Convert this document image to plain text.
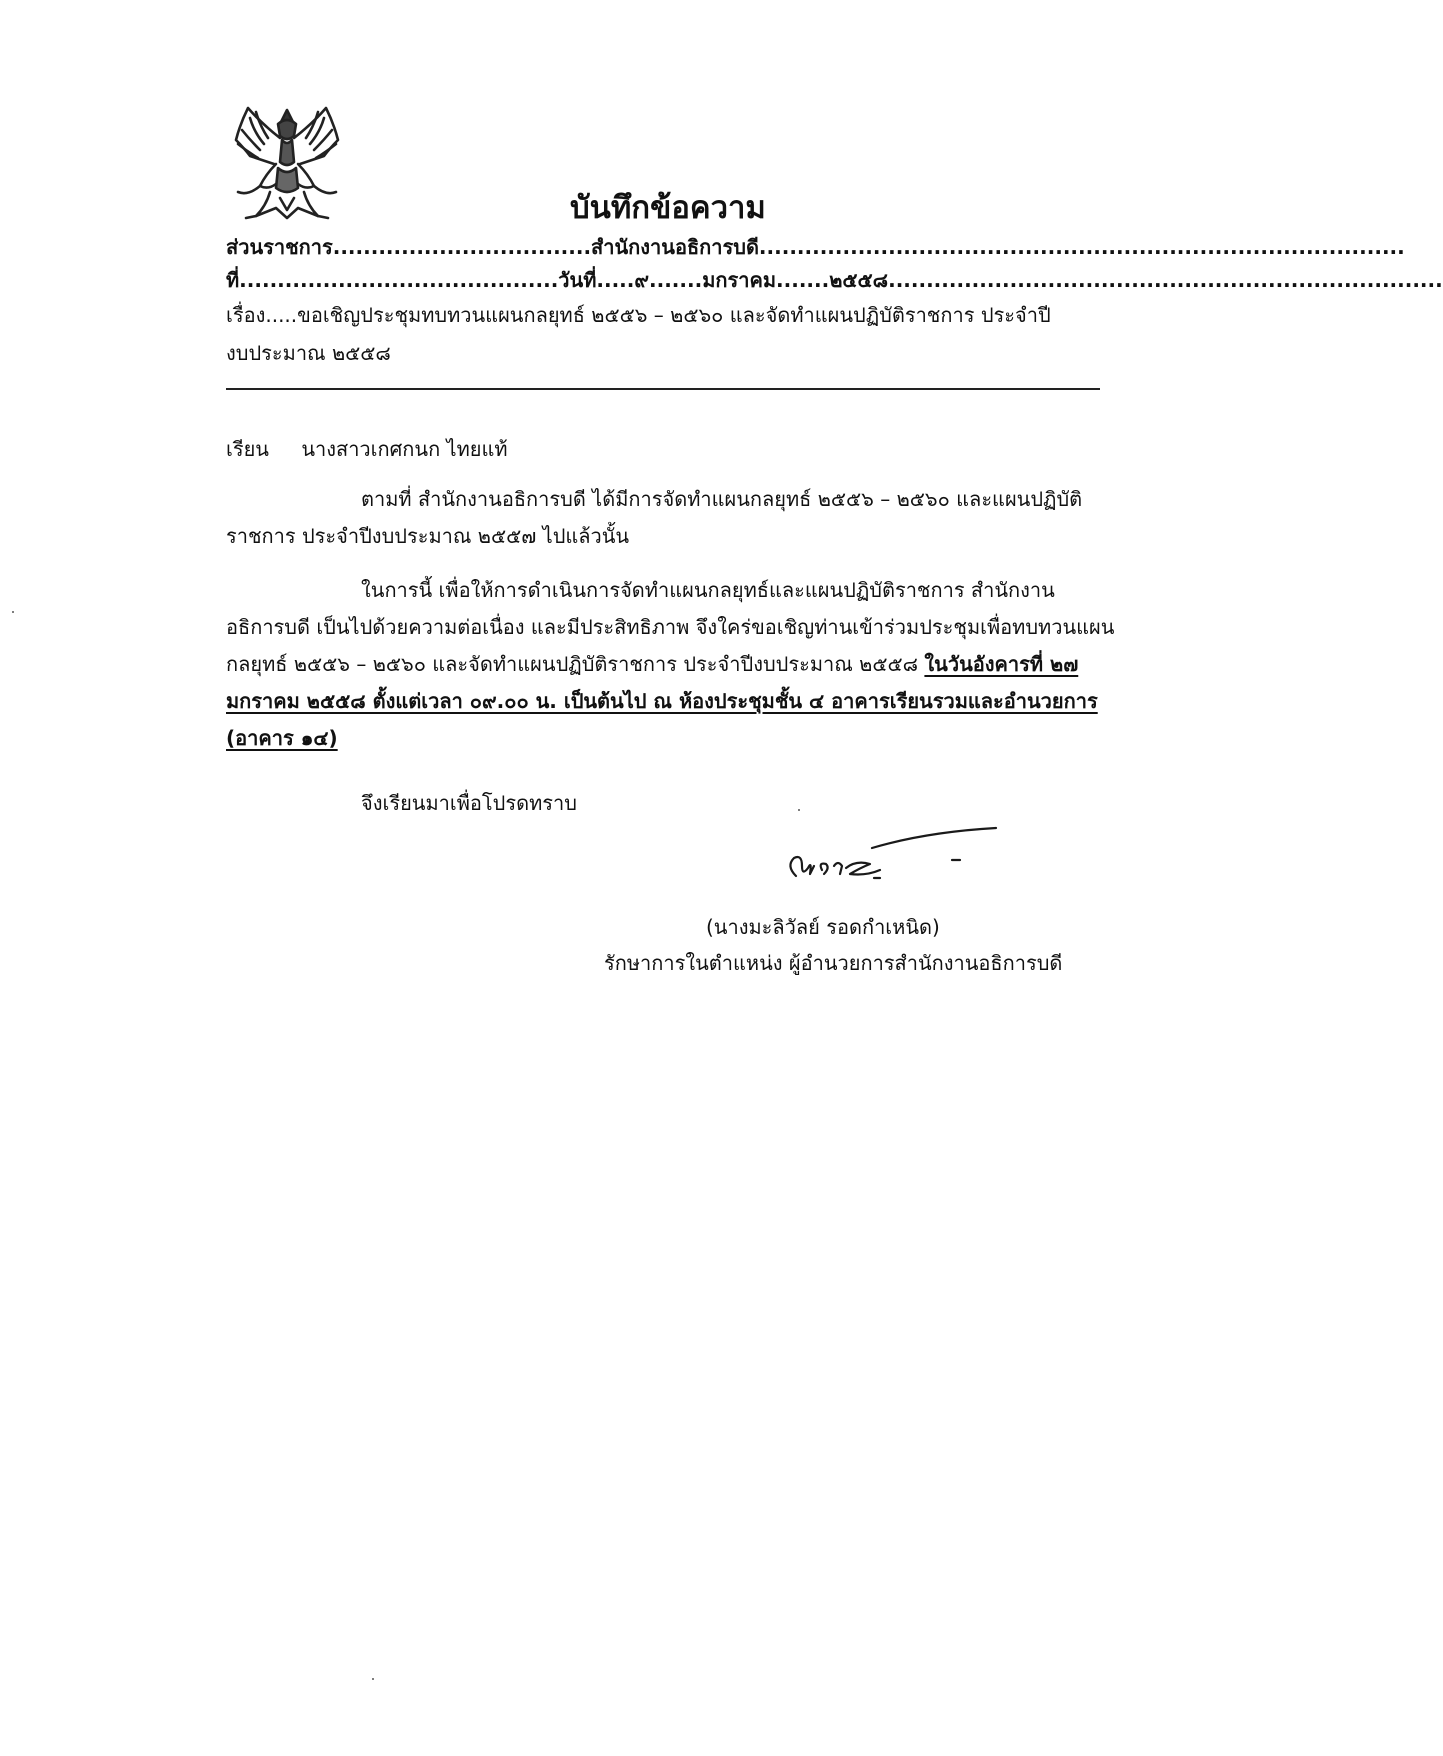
บันทึกข้อความ
ส่วนราชการ..................................สำนักงานอธิการบดี.....................................................................................
ที่..........................................วันที่.....๙.......มกราคม.......๒๕๕๘.........................................................................
เรื่อง.....ขอเชิญประชุมทบทวนแผนกลยุทธ์ ๒๕๕๖ – ๒๕๖๐ และจัดทำแผนปฏิบัติราชการ ประจำปี
งบประมาณ ๒๕๕๘
เรียน นางสาวเกศกนก ไทยแท้
ตามที่ สำนักงานอธิการบดี ได้มีการจัดทำแผนกลยุทธ์ ๒๕๕๖ – ๒๕๖๐ และแผนปฏิบัติ
ราชการ ประจำปีงบประมาณ ๒๕๕๗ ไปแล้วนั้น
ในการนี้ เพื่อให้การดำเนินการจัดทำแผนกลยุทธ์และแผนปฏิบัติราชการ สำนักงาน
อธิการบดี เป็นไปด้วยความต่อเนื่อง และมีประสิทธิภาพ จึงใคร่ขอเชิญท่านเข้าร่วมประชุมเพื่อทบทวนแผน
กลยุทธ์ ๒๕๕๖ – ๒๕๖๐ และจัดทำแผนปฏิบัติราชการ ประจำปีงบประมาณ ๒๕๕๘ ในวันอังคารที่ ๒๗
มกราคม ๒๕๕๘ ตั้งแต่เวลา ๐๙.๐๐ น. เป็นต้นไป ณ ห้องประชุมชั้น ๔ อาคารเรียนรวมและอำนวยการ
(อาคาร ๑๔)
จึงเรียนมาเพื่อโปรดทราบ
(นางมะลิวัลย์ รอดกำเหนิด)
รักษาการในตำแหน่ง ผู้อำนวยการสำนักงานอธิการบดี
